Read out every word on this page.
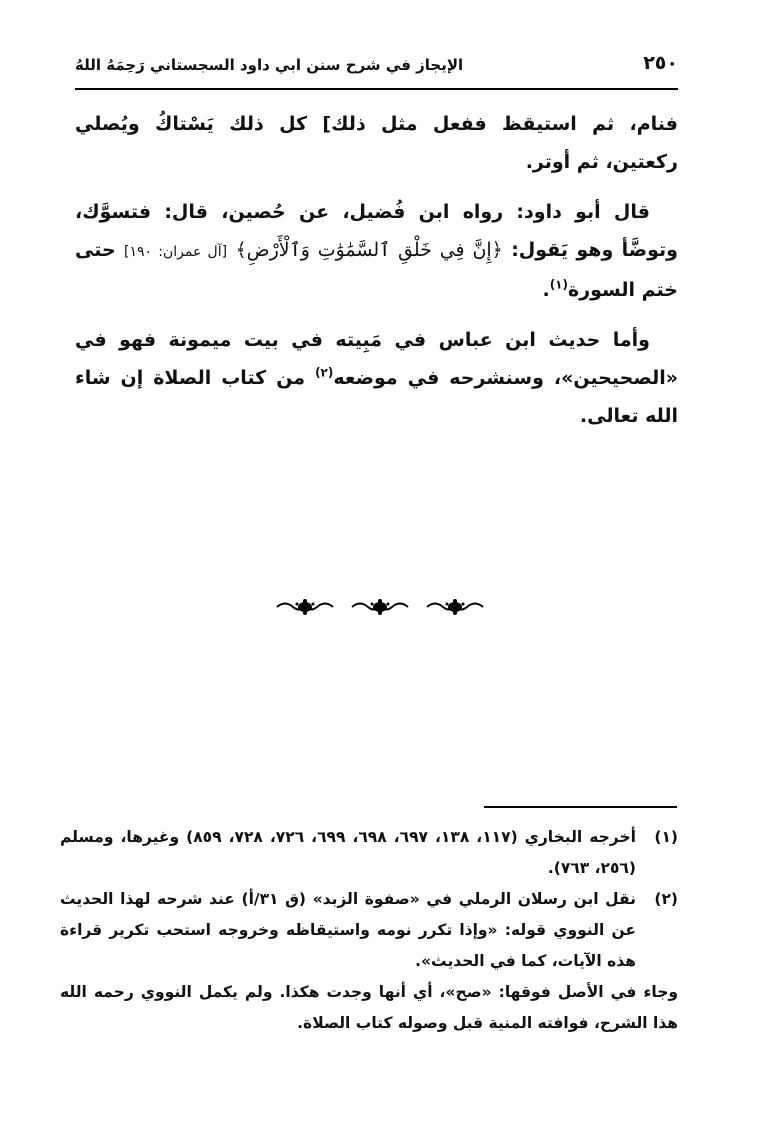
٢٥٠
الإيجاز في شرح سنن ابي داود السجستاني رَحِمَهُ اللهُ

فنام، ثم استيقظ ففعل مثل ذلك] كل ذلك يَسْتاكُ ويُصلي ركعتين، ثم أوتر.

قال أبو داود: رواه ابن فُضيل، عن حُصين، قال: فتسوَّك، وتوضَّأ وهو يَقول: ﴿إِنَّ فِي خَلْقِ ٱلسَّمَٰوَٰتِ وَٱلْأَرْضِ﴾ [آل عمران: ١٩٠] حتى ختم السورة$^{(١)}$.

وأما حديث ابن عباس في مَبِيته في بيت ميمونة فهو في «الصحيحين»، وسنشرحه في موضعه$^{(٢)}$ من كتاب الصلاة إن شاء الله تعالى.

(١)
أخرجه البخاري (١١٧، ١٣٨، ٦٩٧، ٦٩٨، ٦٩٩، ٧٢٦، ٧٢٨، ٨٥٩) وغيرها، ومسلم (٢٥٦، ٧٦٣).
(٢)
نقل ابن رسلان الرملي في «صفوة الزبد» (ق ٣١/أ) عند شرحه لهذا الحديث عن النووي قوله: «وإذا تكرر نومه واستيقاظه وخروجه استحب تكرير قراءة هذه الآيات، كما في الحديث».
وجاء في الأصل فوقها: «صح»، أي أنها وجدت هكذا. ولم يكمل النووي رحمه الله هذا الشرح، فوافته المنية قبل وصوله كتاب الصلاة.
